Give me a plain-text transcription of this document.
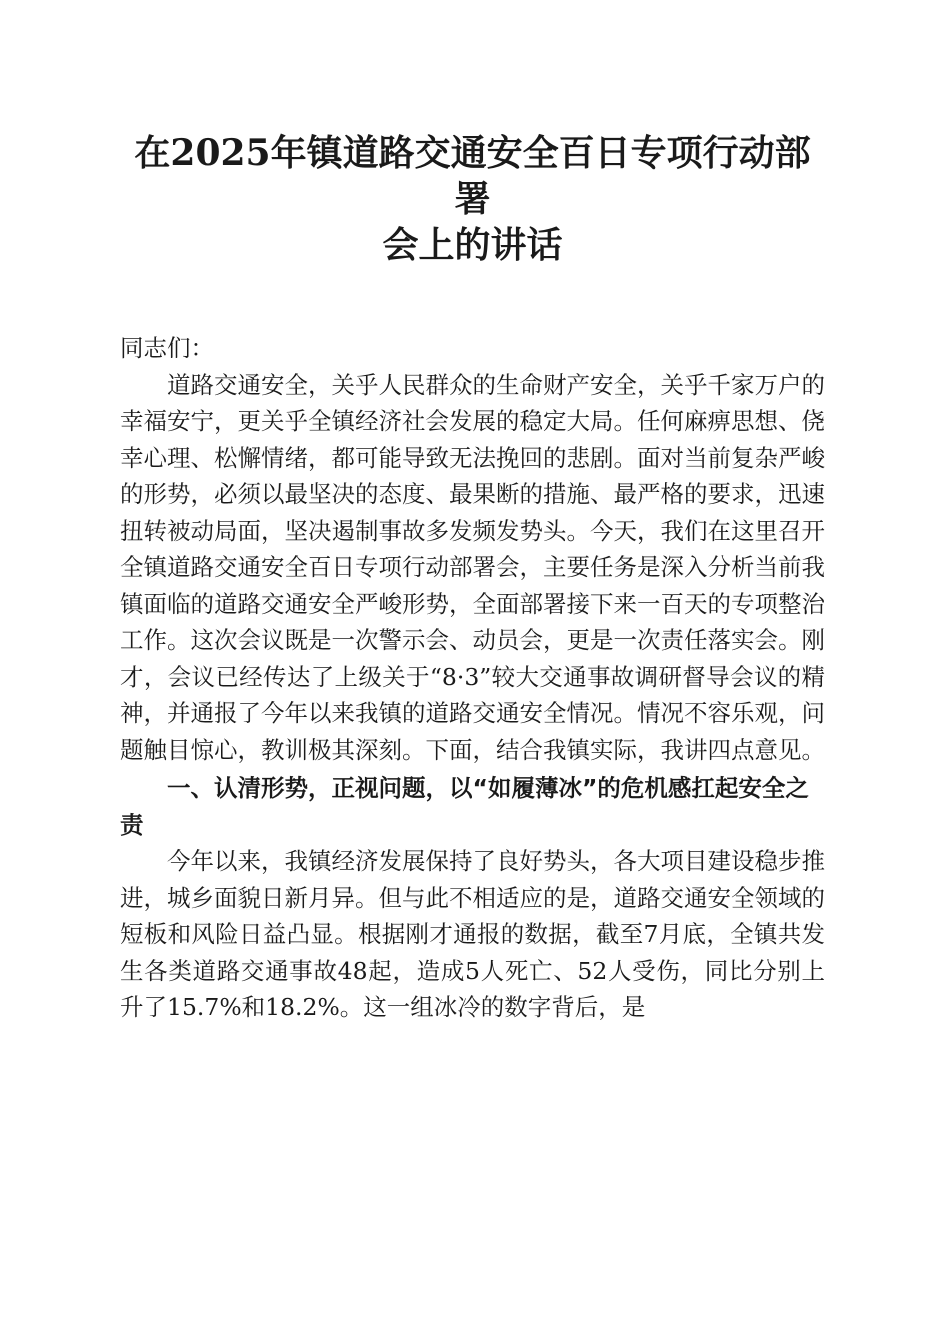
在2025年镇道路交通安全百日专项行动部署
会上的讲话
同志们：

道路交通安全，关乎人民群众的生命财产安全，关乎千家万户的幸福安宁，更关乎全镇经济社会发展的稳定大局。任何麻痹思想、侥幸心理、松懈情绪，都可能导致无法挽回的悲剧。面对当前复杂严峻的形势，必须以最坚决的态度、最果断的措施、最严格的要求，迅速扭转被动局面，坚决遏制事故多发频发势头。今天，我们在这里召开全镇道路交通安全百日专项行动部署会，主要任务是深入分析当前我镇面临的道路交通安全严峻形势，全面部署接下来一百天的专项整治工作。这次会议既是一次警示会、动员会，更是一次责任落实会。刚才，会议已经传达了上级关于“8·3”较大交通事故调研督导会议的精神，并通报了今年以来我镇的道路交通安全情况。情况不容乐观，问题触目惊心，教训极其深刻。下面，结合我镇实际，我讲四点意见。

一、认清形势，正视问题，以“如履薄冰”的危机感扛起安全之责

今年以来，我镇经济发展保持了良好势头，各大项目建设稳步推进，城乡面貌日新月异。但与此不相适应的是，道路交通安全领域的短板和风险日益凸显。根据刚才通报的数据，截至7月底，全镇共发生各类道路交通事故48起，造成5人死亡、52人受伤，同比分别上升了15.7%和18.2%。这一组冰冷的数字背后，是
